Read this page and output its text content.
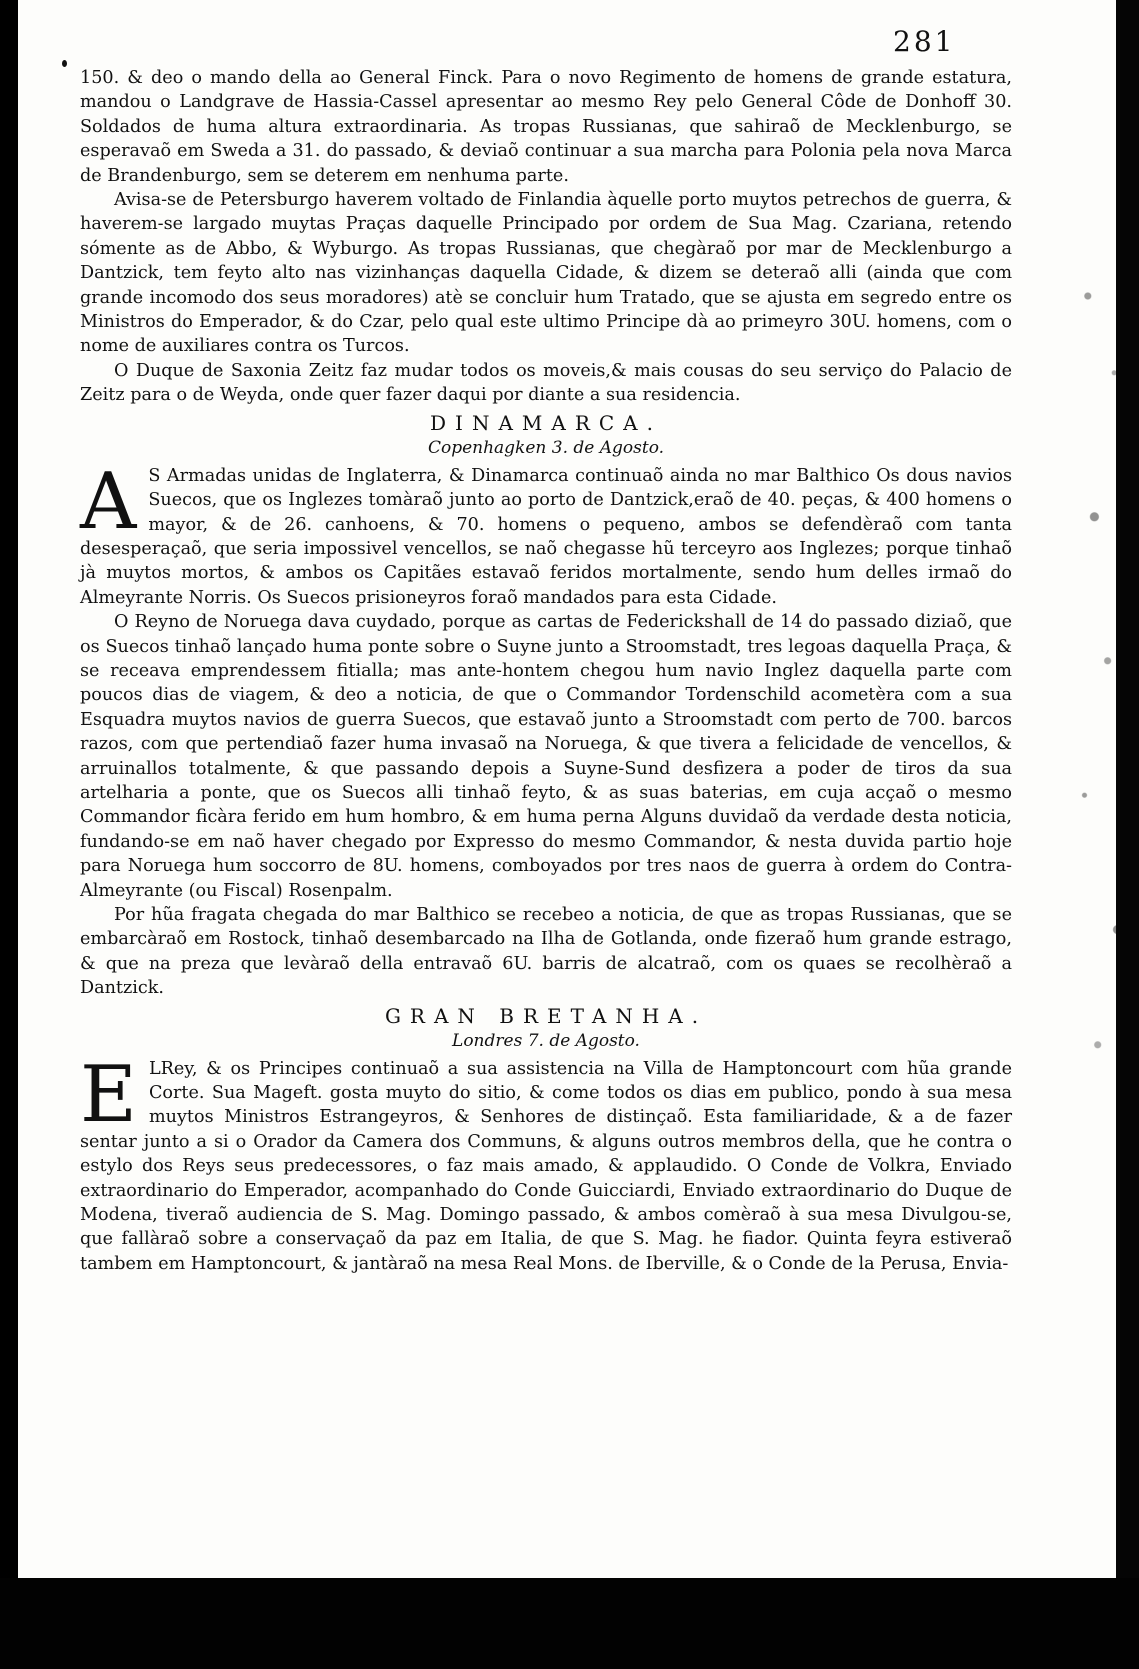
281

150. & deo o mando della ao General Finck. Para o novo Regimento de homens de grande estatura, mandou o Landgrave de Hassia-Cassel apresentar ao mesmo Rey pelo General Côde de Donhoff 30. Soldados de huma altura extraordinaria. As tropas Russianas, que sahiraõ de Mecklenburgo, se esperavaõ em Sweda a 31. do passado, & deviaõ continuar a sua marcha para Polonia pela nova Marca de Brandenburgo, sem se deterem em nenhuma parte.

Avisa-se de Petersburgo haverem voltado de Finlandia àquelle porto muytos petrechos de guerra, & haverem-se largado muytas Praças daquelle Principado por ordem de Sua Mag. Czariana, retendo sómente as de Abbo, & Wyburgo. As tropas Russianas, que chegàraõ por mar de Mecklenburgo a Dantzick, tem feyto alto nas vizinhanças daquella Cidade, & dizem se deteraõ alli (ainda que com grande incomodo dos seus moradores) atè se concluir hum Tratado, que se ajusta em segredo entre os Ministros do Emperador, & do Czar, pelo qual este ultimo Principe dà ao primeyro 30U. homens, com o nome de auxiliares contra os Turcos.

O Duque de Saxonia Zeitz faz mudar todos os moveis,& mais cousas do seu serviço do Palacio de Zeitz para o de Weyda, onde quer fazer daqui por diante a sua residencia.

DINAMARCA.
Copenhagken 3. de Agosto.

A S Armadas unidas de Inglaterra, & Dinamarca continuaõ ainda no mar Balthico Os dous navios Suecos, que os Inglezes tomàraõ junto ao porto de Dantzick,eraõ de 40. peças, & 400 homens o mayor, & de 26. canhoens, & 70. homens o pequeno, ambos se defendèraõ com tanta desesperaçaõ, que seria impossivel vencellos, se naõ chegasse hũ terceyro aos Inglezes; porque tinhaõ jà muytos mortos, & ambos os Capitães estavaõ feridos mortalmente, sendo hum delles irmaõ do Almeyrante Norris. Os Suecos prisioneyros foraõ mandados para esta Cidade.

O Reyno de Noruega dava cuydado, porque as cartas de Federickshall de 14 do passado diziaõ, que os Suecos tinhaõ lançado huma ponte sobre o Suyne junto a Stroomstadt, tres legoas daquella Praça, & se receava emprendessem fitialla; mas ante-hontem chegou hum navio Inglez daquella parte com poucos dias de viagem, & deo a noticia, de que o Commandor Tordenschild acometèra com a sua Esquadra muytos navios de guerra Suecos, que estavaõ junto a Stroomstadt com perto de 700. barcos razos, com que pertendiaõ fazer huma invasaõ na Noruega, & que tivera a felicidade de vencellos, & arruinallos totalmente, & que passando depois a Suyne-Sund desfizera a poder de tiros da sua artelharia a ponte, que os Suecos alli tinhaõ feyto, & as suas baterias, em cuja acçaõ o mesmo Commandor ficàra ferido em hum hombro, & em huma perna Alguns duvidaõ da verdade desta noticia, fundando-se em naõ haver chegado por Expresso do mesmo Commandor, & nesta duvida partio hoje para Noruega hum soccorro de 8U. homens, comboyados por tres naos de guerra à ordem do Contra-Almeyrante (ou Fiscal) Rosenpalm.

Por hũa fragata chegada do mar Balthico se recebeo a noticia, de que as tropas Russianas, que se embarcàraõ em Rostock, tinhaõ desembarcado na Ilha de Gotlanda, onde fizeraõ hum grande estrago, & que na preza que levàraõ della entravaõ 6U. barris de alcatraõ, com os quaes se recolhèraõ a Dantzick.

GRAN BRETANHA.
Londres 7. de Agosto.

E LRey, & os Principes continuaõ a sua assistencia na Villa de Hamptoncourt com hũa grande Corte. Sua Mageft. gosta muyto do sitio, & come todos os dias em publico, pondo à sua mesa muytos Ministros Estrangeyros, & Senhores de distinçaõ. Esta familiaridade, & a de fazer sentar junto a si o Orador da Camera dos Communs, & alguns outros membros della, que he contra o estylo dos Reys seus predecessores, o faz mais amado, & applaudido. O Conde de Volkra, Enviado extraordinario do Emperador, acompanhado do Conde Guicciardi, Enviado extraordinario do Duque de Modena, tiveraõ audiencia de S. Mag. Domingo passado, & ambos comèraõ à sua mesa Divulgou-se, que fallàraõ sobre a conservaçaõ da paz em Italia, de que S. Mag. he fiador. Quinta feyra estiveraõ tambem em Hamptoncourt, & jantàraõ na mesa Real Mons. de Iberville, & o Conde de la Perusa, Envia-
